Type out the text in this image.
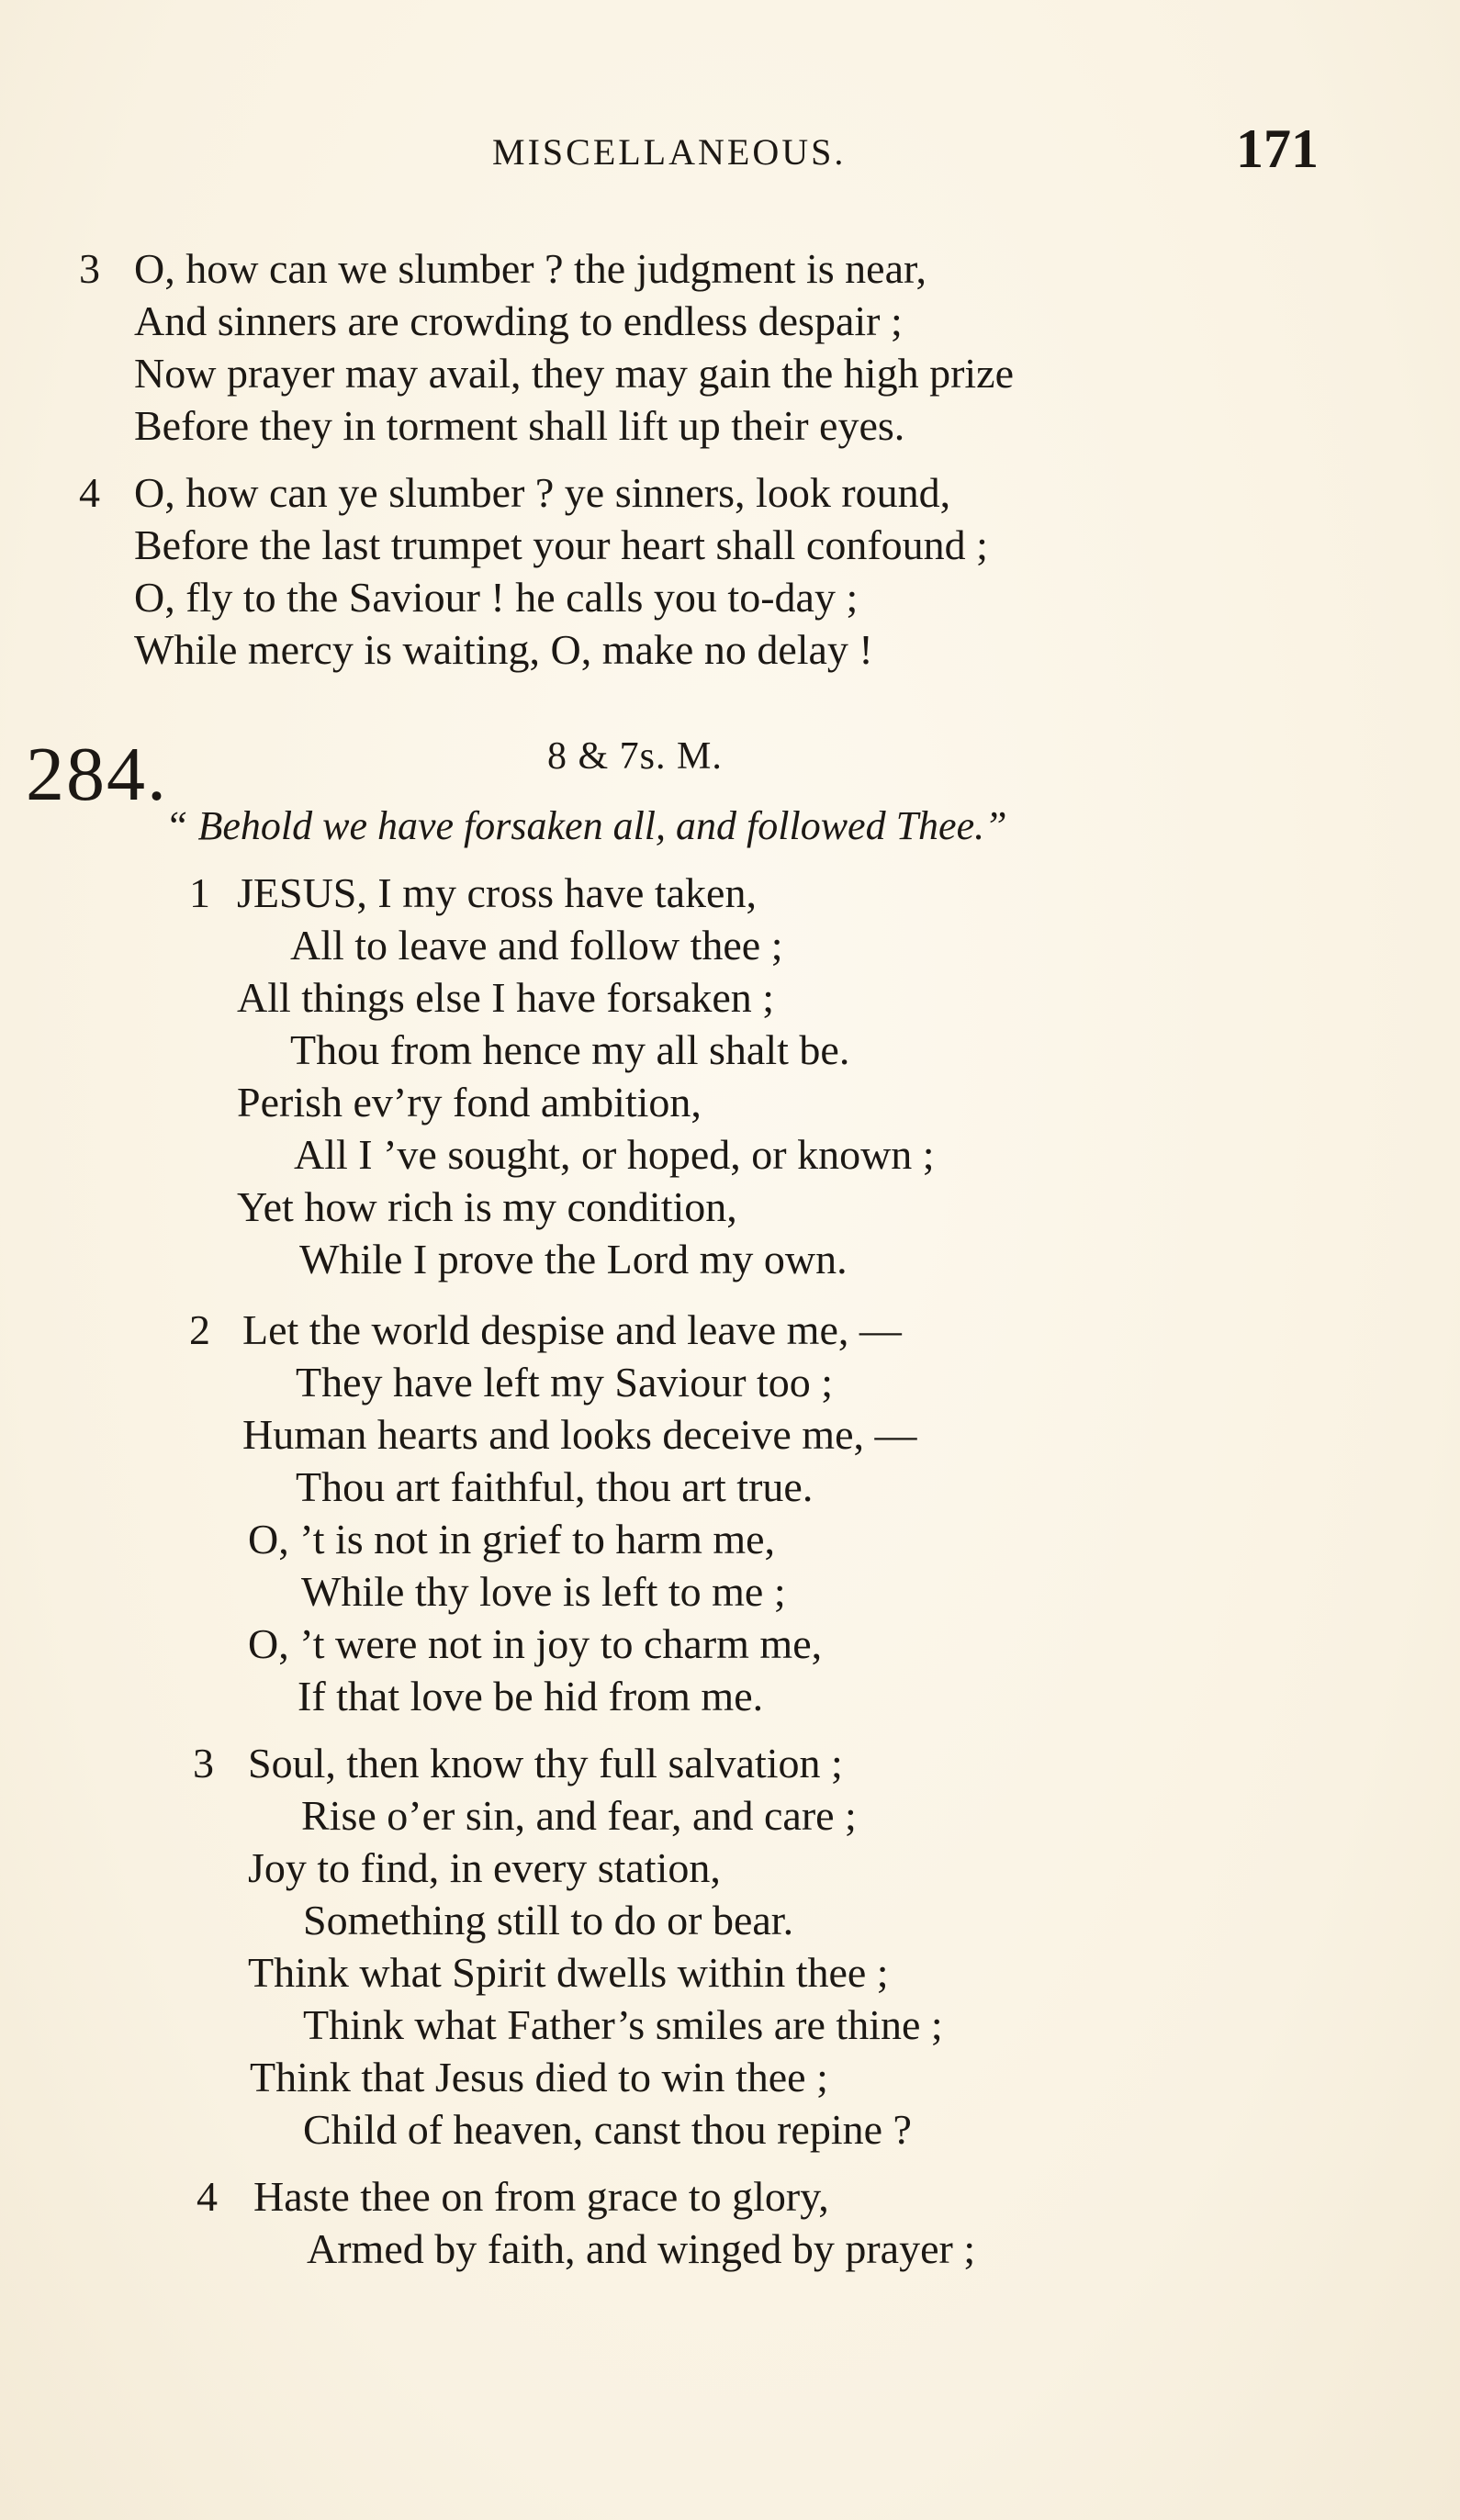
MISCELLANEOUS.	171
3 O, how can we slumber ? the judgment is near,
And sinners are crowding to endless despair ;
Now prayer may avail, they may gain the high prize
Before they in torment shall lift up their eyes.
4 O, how can ye slumber ? ye sinners, look round,
Before the last trumpet your heart shall confound ;
O, fly to the Saviour ! he calls you to-day ;
While mercy is waiting, O, make no delay !
284.	8 & 7s. M.
“ Behold we have forsaken all, and followed Thee.”
1 JESUS, I my cross have taken,
All to leave and follow thee ;
All things else I have forsaken ;
Thou from hence my all shalt be.
Perish ev’ry fond ambition,
All I ’ve sought, or hoped, or known ;
Yet how rich is my condition,
While I prove the Lord my own.
2 Let the world despise and leave me, —
They have left my Saviour too ;
Human hearts and looks deceive me, —
Thou art faithful, thou art true.
O, ’t is not in grief to harm me,
While thy love is left to me ;
O, ’t were not in joy to charm me,
If that love be hid from me.
3 Soul, then know thy full salvation ;
Rise o’er sin, and fear, and care ;
Joy to find, in every station,
Something still to do or bear.
Think what Spirit dwells within thee ;
Think what Father’s smiles are thine ;
Think that Jesus died to win thee ;
Child of heaven, canst thou repine ?
4 Haste thee on from grace to glory,
Armed by faith, and winged by prayer ;
